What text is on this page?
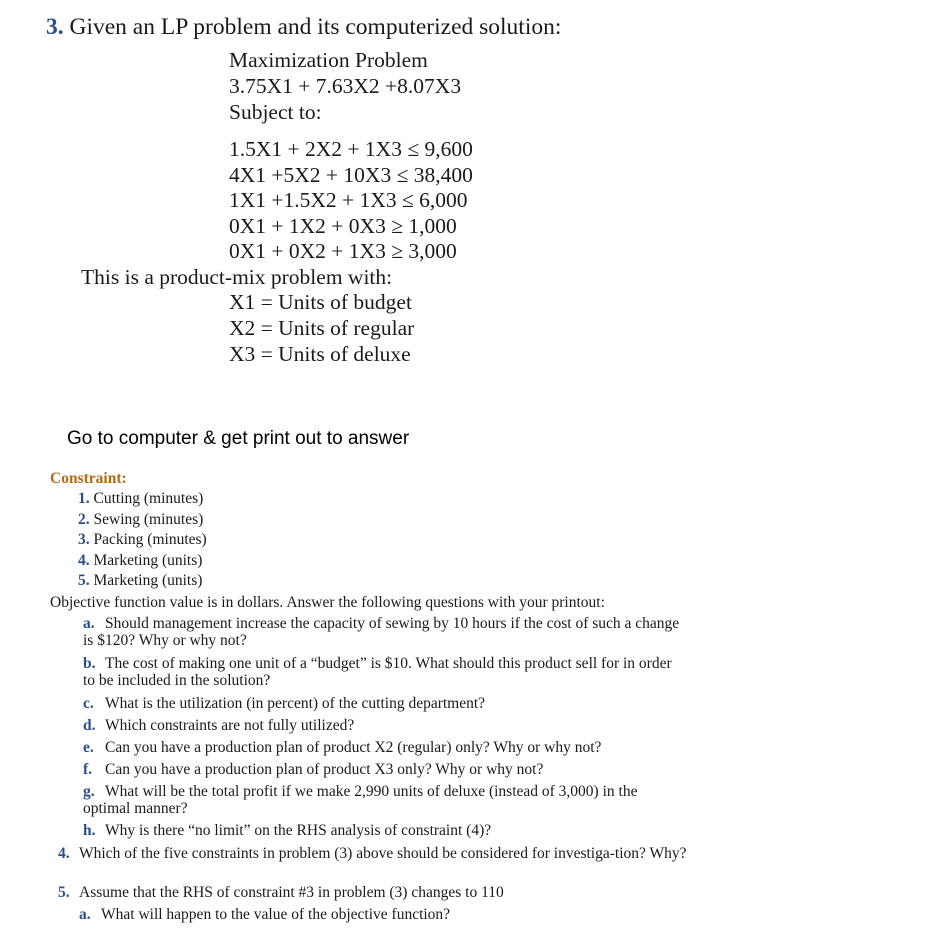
3. Given an LP problem and its computerized solution:
Maximization Problem
3.75X1 + 7.63X2 +8.07X3
Subject to:
1.5X1 + 2X2 + 1X3 ≤ 9,600
4X1 +5X2 + 10X3 ≤ 38,400
1X1 +1.5X2 + 1X3 ≤ 6,000
0X1 + 1X2 + 0X3 ≥ 1,000
0X1 + 0X2 + 1X3 ≥ 3,000
This is a product-mix problem with:
X1 = Units of budget
X2 = Units of regular
X3 = Units of deluxe
Go to computer & get print out to answer
Constraint:
1. Cutting (minutes)
2. Sewing (minutes)
3. Packing (minutes)
4. Marketing (units)
5. Marketing (units)
Objective function value is in dollars. Answer the following questions with your printout:
a. Should management increase the capacity of sewing by 10 hours if the cost of such a change is $120? Why or why not?
b. The cost of making one unit of a “budget” is $10. What should this product sell for in order to be included in the solution?
c. What is the utilization (in percent) of the cutting department?
d. Which constraints are not fully utilized?
e. Can you have a production plan of product X2 (regular) only? Why or why not?
f. Can you have a production plan of product X3 only? Why or why not?
g. What will be the total profit if we make 2,990 units of deluxe (instead of 3,000) in the optimal manner?
h. Why is there “no limit” on the RHS analysis of constraint (4)?
4. Which of the five constraints in problem (3) above should be considered for investiga-tion? Why?
5. Assume that the RHS of constraint #3 in problem (3) changes to 110
a. What will happen to the value of the objective function?
